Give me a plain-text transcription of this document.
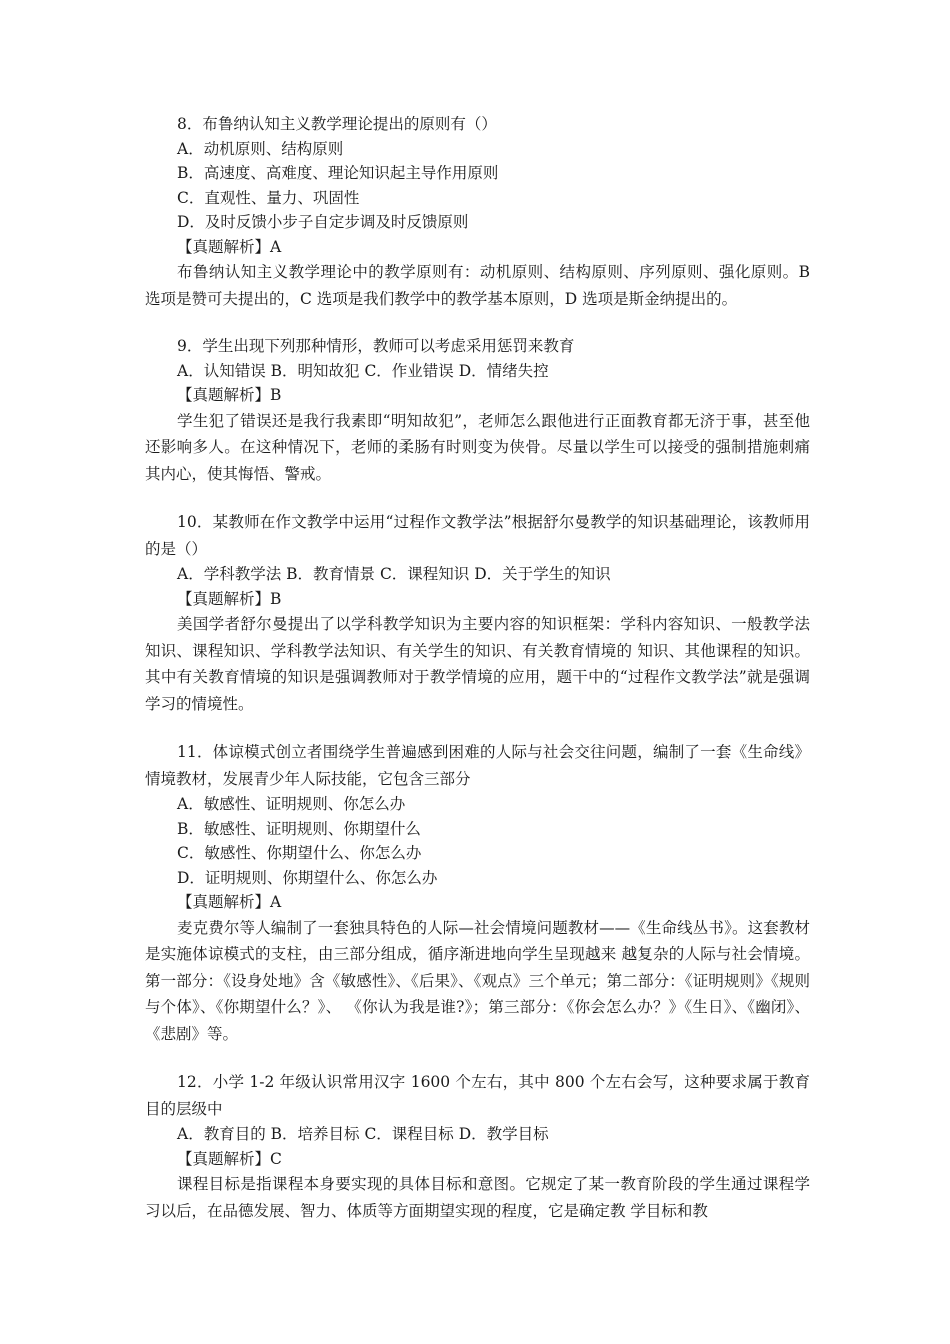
8．布鲁纳认知主义教学理论提出的原则有（）
A．动机原则、结构原则
B．高速度、高难度、理论知识起主导作用原则
C．直观性、量力、巩固性
D．及时反馈小步子自定步调及时反馈原则
【真题解析】A
布鲁纳认知主义教学理论中的教学原则有：动机原则、结构原则、序列原则、强化原则。B 选项是赞可夫提出的，C 选项是我们教学中的教学基本原则，D 选项是斯金纳提出的。
9．学生出现下列那种情形，教师可以考虑采用惩罚来教育
A．认知错误 B．明知故犯 C．作业错误 D．情绪失控
【真题解析】B
学生犯了错误还是我行我素即“明知故犯”，老师怎么跟他进行正面教育都无济于事，甚至他还影响多人。在这种情况下，老师的柔肠有时则变为侠骨。尽量以学生可以接受的强制措施刺痛其内心，使其悔悟、警戒。
10．某教师在作文教学中运用“过程作文教学法”根据舒尔曼教学的知识基础理论，该教师用的是（）
A．学科教学法 B．教育情景 C．课程知识 D．关于学生的知识
【真题解析】B
美国学者舒尔曼提出了以学科教学知识为主要内容的知识框架：学科内容知识、一般教学法知识、课程知识、学科教学法知识、有关学生的知识、有关教育情境的 知识、其他课程的知识。其中有关教育情境的知识是强调教师对于教学情境的应用，题干中的“过程作文教学法”就是强调学习的情境性。
11．体谅模式创立者围绕学生普遍感到困难的人际与社会交往问题，编制了一套《生命线》情境教材，发展青少年人际技能，它包含三部分
A．敏感性、证明规则、你怎么办
B．敏感性、证明规则、你期望什么
C．敏感性、你期望什么、你怎么办
D．证明规则、你期望什么、你怎么办
【真题解析】A
麦克费尔等人编制了一套独具特色的人际—社会情境问题教材——《生命线丛书》。这套教材是实施体谅模式的支柱，由三部分组成，循序渐进地向学生呈现越来 越复杂的人际与社会情境。第一部分：《设身处地》含《敏感性》、《后果》、《观点》三个单元；第二部分：《证明规则》《规则与个体》、《你期望什么？》、 《你认为我是谁?》；第三部分：《你会怎么办？》《生日》、《幽闭》、《悲剧》等。
12．小学 1-2 年级认识常用汉字 1600 个左右，其中 800 个左右会写，这种要求属于教育目的层级中
A．教育目的 B．培养目标 C．课程目标 D．教学目标
【真题解析】C
课程目标是指课程本身要实现的具体目标和意图。它规定了某一教育阶段的学生通过课程学习以后，在品德发展、智力、体质等方面期望实现的程度，它是确定教 学目标和教
